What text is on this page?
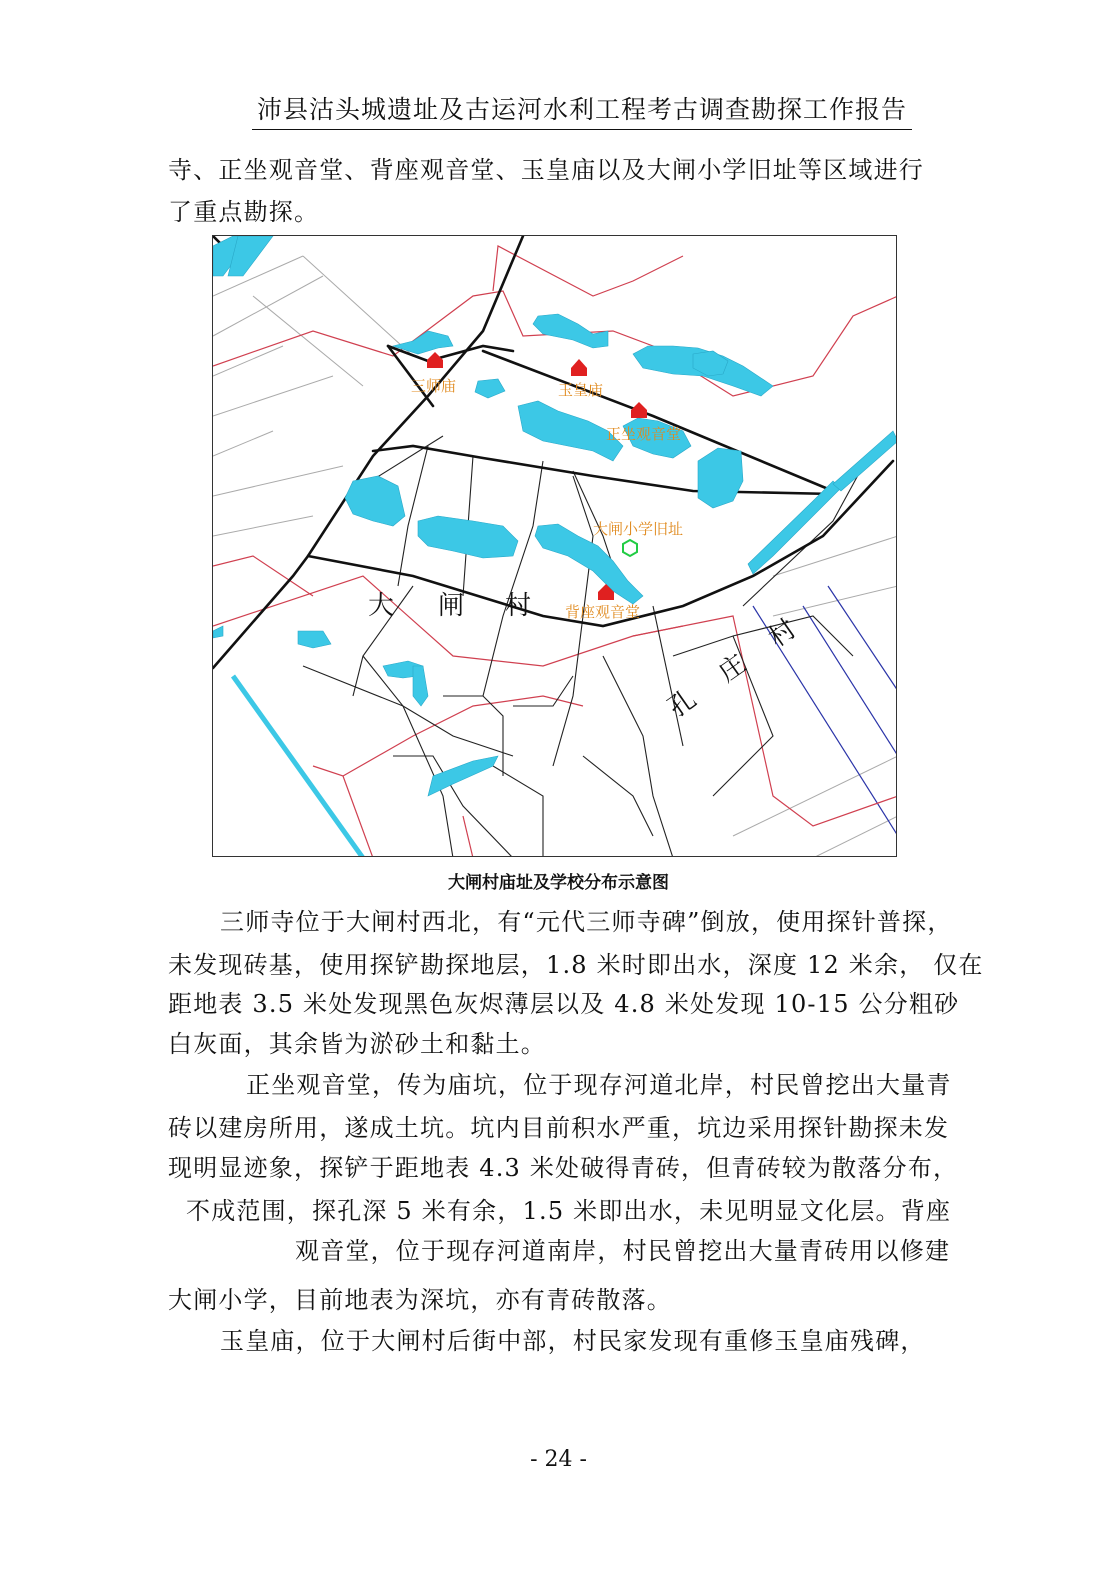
沛县沽头城遗址及古运河水利工程考古调查勘探工作报告
寺、正坐观音堂、背座观音堂、玉皇庙以及大闸小学旧址等区域进行
了重点勘探。
三师庙	玉皇庙
正坐观音堂
大闸小学旧址
背座观音堂
大 闸 村
孔
庄
村
大闸村庙址及学校分布示意图
三师寺位于大闸村西北，有“元代三师寺碑”倒放，使用探针普探，
未发现砖基，使用探铲勘探地层，1.8 米时即出水，深度 12 米余， 仅在
距地表 3.5 米处发现黑色灰烬薄层以及 4.8 米处发现 10-15 公分粗砂
白灰面，其余皆为淤砂土和黏土。
正坐观音堂，传为庙坑，位于现存河道北岸，村民曾挖出大量青
砖以建房所用，遂成土坑。坑内目前积水严重，坑边采用探针勘探未发
现明显迹象，探铲于距地表 4.3 米处破得青砖，但青砖较为散落分布，
不成范围，探孔深 5 米有余，1.5 米即出水，未见明显文化层。背座
观音堂，位于现存河道南岸，村民曾挖出大量青砖用以修建
大闸小学，目前地表为深坑，亦有青砖散落。
玉皇庙，位于大闸村后街中部，村民家发现有重修玉皇庙残碑，
- 24 -
